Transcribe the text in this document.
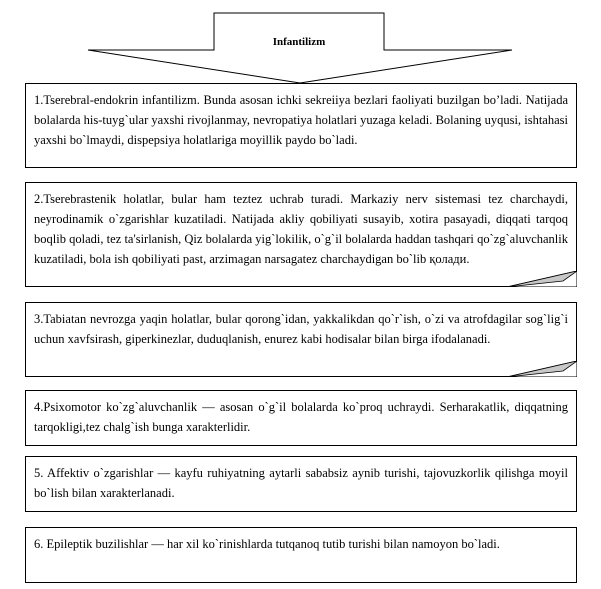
Infantilizm
1.Tserebral-endokrin infantilizm. Bunda asosan ichki sekreiiya bezlari faoliyati buzilgan bo’ladi. Natijada bolalarda his-tuyg`ular yaxshi rivojlanmay, nevropatiya holatlari yuzaga keladi. Bolaning uyqusi, ishtahasi yaxshi bo`lmaydi, dispepsiya holatlariga moyillik paydo bo`ladi.
2.Tserebrastenik holatlar, bular ham teztez uchrab turadi. Markaziy nerv sistemasi tez charchaydi, neyrodinamik o`zgarishlar kuzatiladi. Natijada akliy qobiliyati susayib, xotira pasayadi, diqqati tarqoq boqlib qoladi, tez ta'sirlanish, Qiz bolalarda yig`lokilik, o`g`il bolalarda haddan tashqari qo`zg`aluvchanlik kuzatiladi, bola ish qobiliyati past, arzimagan narsagatez charchaydigan bo`lib қолади.
3.Tabiatan nevrozga yaqin holatlar, bular qorong`idan, yakkalikdan qo`r`ish, o`zi va atrofdagilar sog`lig`i uchun xavfsirash, giperkinezlar, duduqlanish, enurez kabi hodisalar bilan birga ifodalanadi.
4.Psixomotor ko`zg`aluvchanlik — asosan o`g`il bolalarda ko`proq uchraydi. Serharakatlik, diqqatning tarqokligi,tez chalg`ish bunga xarakterlidir.
5. Affektiv o`zgarishlar — kayfu ruhiyatning aytarli sababsiz aynib turishi, tajovuzkorlik qilishga moyil bo`lish bilan xarakterlanadi.
6. Epileptik buzilishlar — har xil ko`rinishlarda tutqanoq tutib turishi bilan namoyon bo`ladi.
